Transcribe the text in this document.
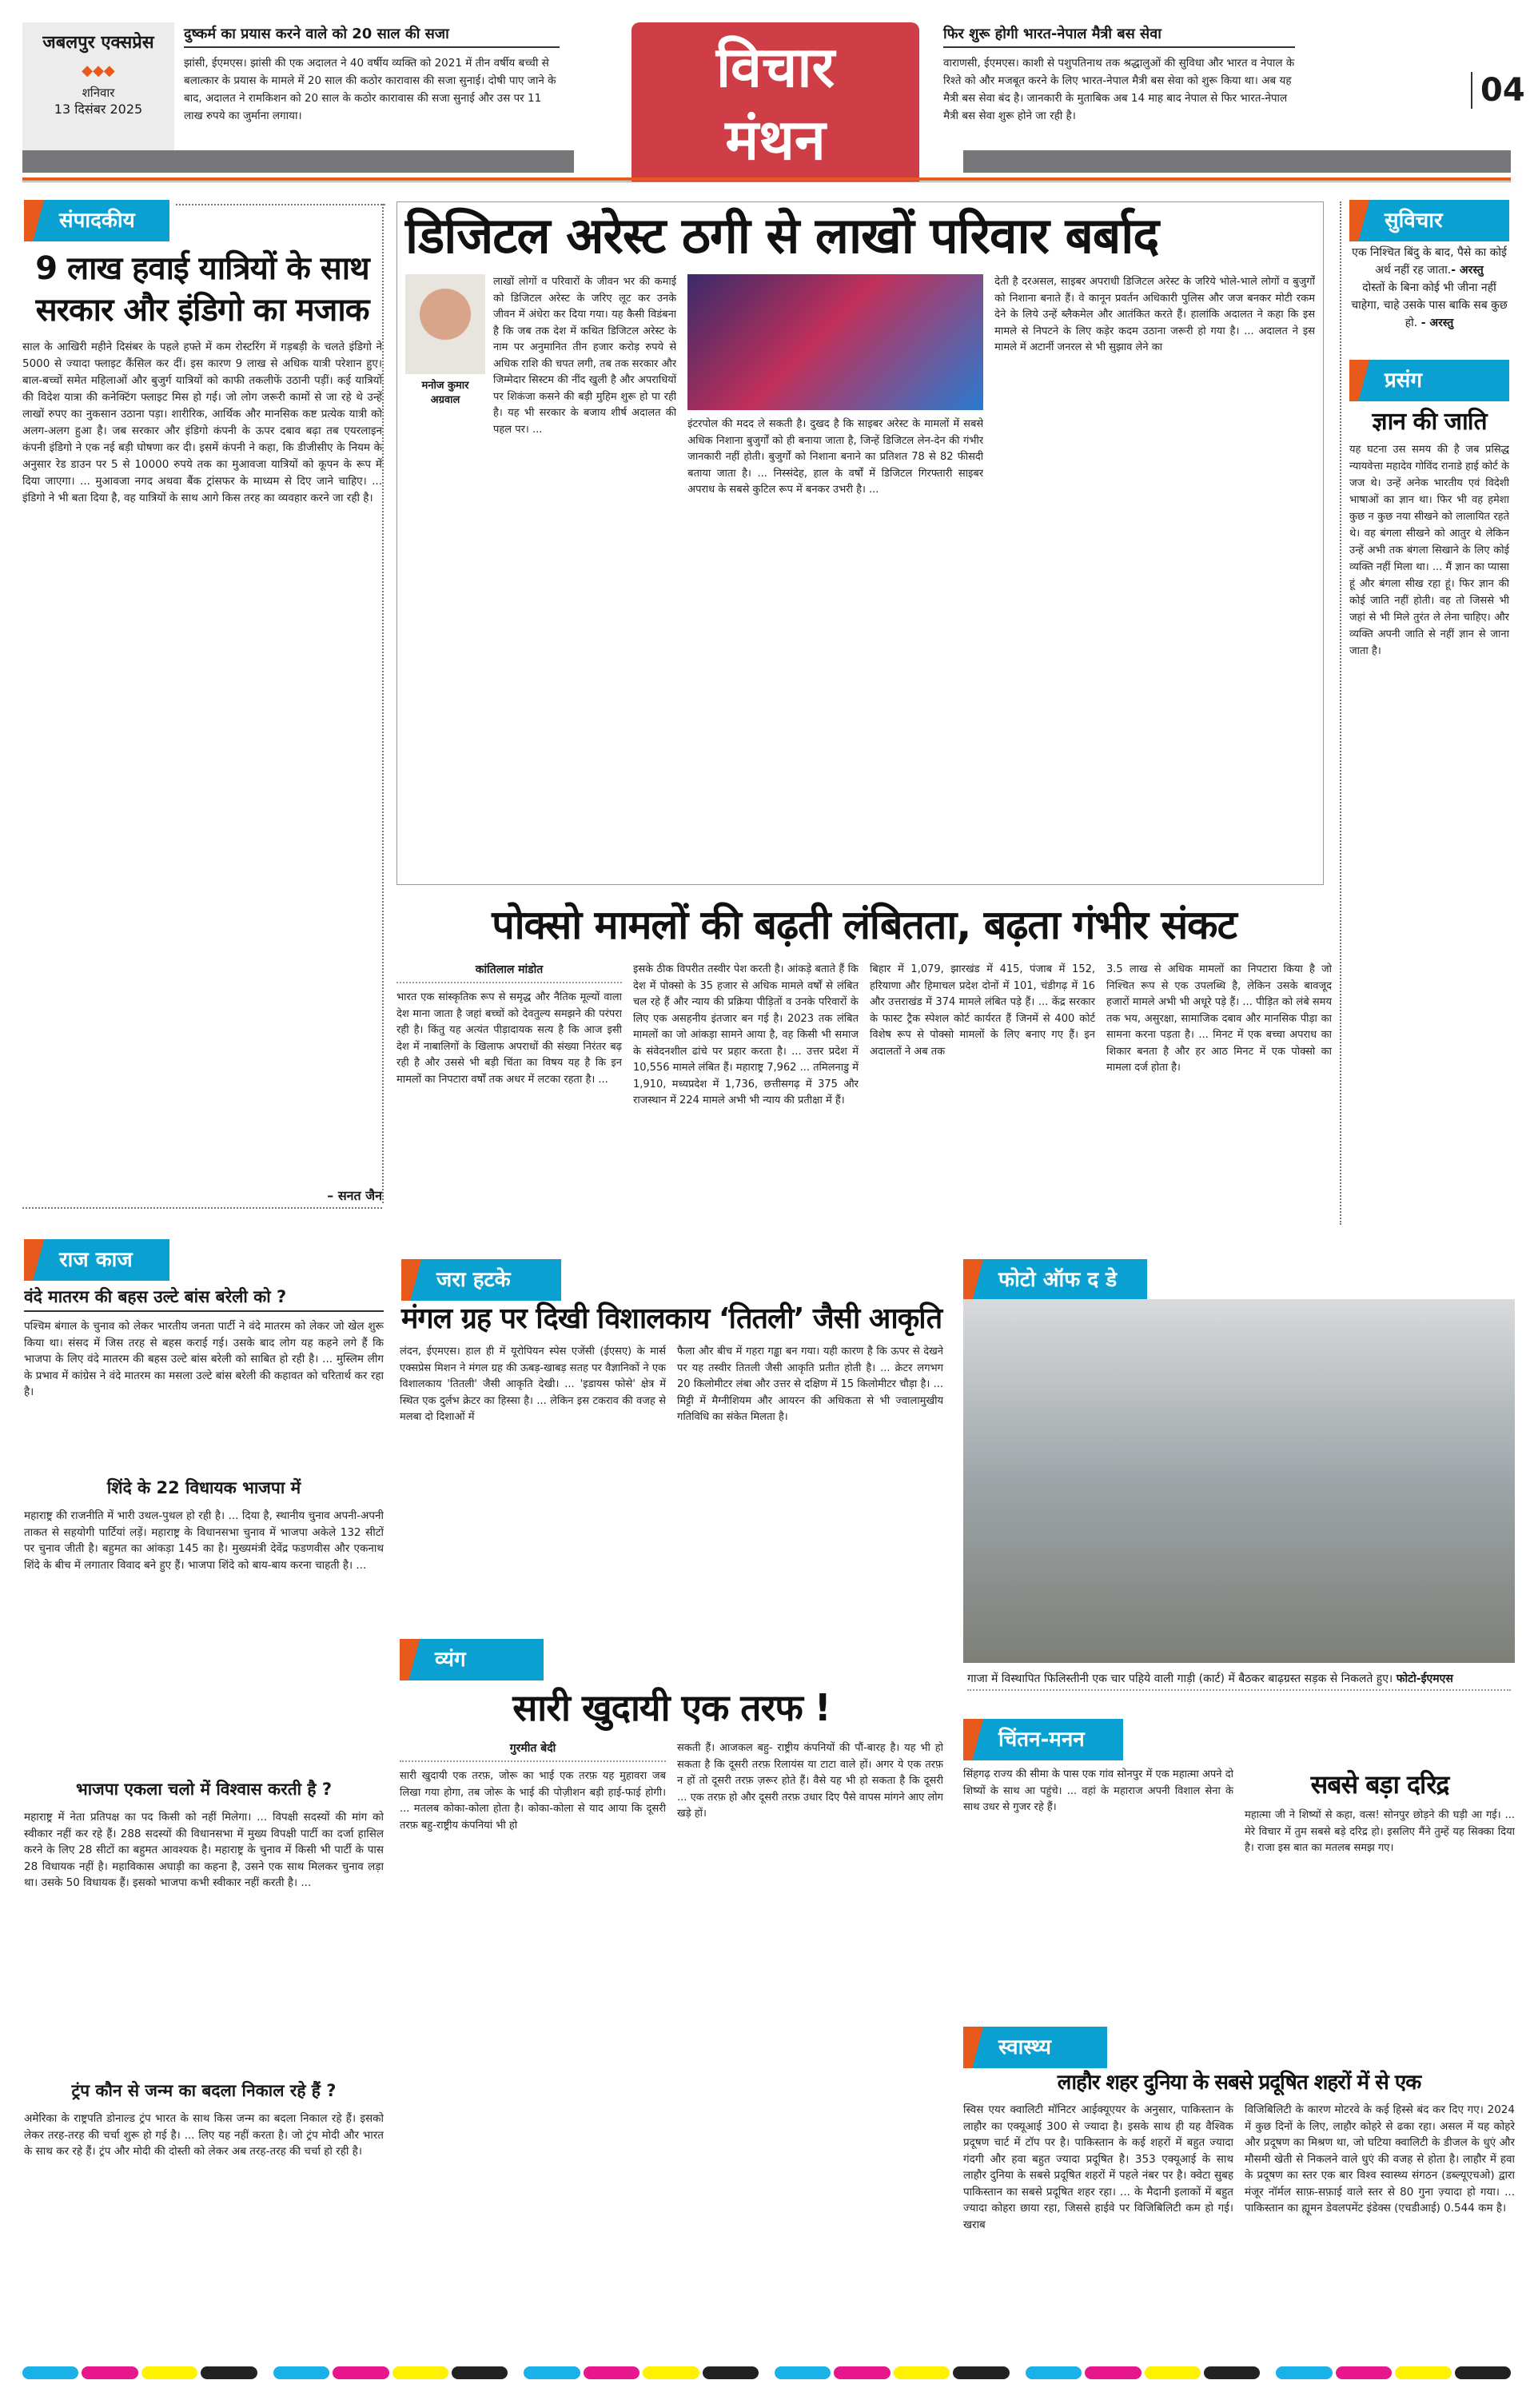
जबलपुर एक्सप्रेस
◆◆◆
शनिवार
13 दिसंबर 2025
दुष्कर्म का प्रयास करने वाले को 20 साल की सजा

झांसी, ईएमएस। झांसी की एक अदालत ने 40 वर्षीय व्यक्ति को 2021 में तीन वर्षीय बच्ची से बलात्कार के प्रयास के मामले में 20 साल की कठोर कारावास की सजा सुनाई। दोषी पाए जाने के बाद, अदालत ने रामकिशन को 20 साल के कठोर कारावास की सजा सुनाई और उस पर 11 लाख रुपये का जुर्माना लगाया।

विचार
मंथन
फिर शुरू होगी भारत-नेपाल मैत्री बस सेवा

वाराणसी, ईएमएस। काशी से पशुपतिनाथ तक श्रद्धालुओं की सुविधा और भारत व नेपाल के रिश्ते को और मजबूत करने के लिए भारत-नेपाल मैत्री बस सेवा को शुरू किया था। अब यह मैत्री बस सेवा बंद है। जानकारी के मुताबिक अब 14 माह बाद नेपाल से फिर भारत-नेपाल मैत्री बस सेवा शुरू होने जा रही है।

04
संपादकीय
9 लाख हवाई यात्रियों के साथ सरकार और इंडिगो का मजाक
साल के आखिरी महीने दिसंबर के पहले हफ्ते में कम रोस्टरिंग में गड़बड़ी के चलते इंडिगो ने 5000 से ज्यादा फ्लाइट कैंसिल कर दीं। इस कारण 9 लाख से अधिक यात्री परेशान हुए। बाल-बच्चों समेत महिलाओं और बुजुर्ग यात्रियों को काफी तकलीफें उठानी पड़ीं। कई यात्रियों की विदेश यात्रा की कनेक्टिंग फ्लाइट मिस हो गई। जो लोग जरूरी कामों से जा रहे थे उन्हें लाखों रुपए का नुकसान उठाना पड़ा। शारीरिक, आर्थिक और मानसिक कष्ट प्रत्येक यात्री को अलग-अलग हुआ है। जब सरकार और इंडिगो कंपनी के ऊपर दबाव बढ़ा तब एयरलाइन कंपनी इंडिगो ने एक नई बड़ी घोषणा कर दी। इसमें कंपनी ने कहा, कि डीजीसीए के नियम के अनुसार रेड डाउन पर 5 से 10000 रुपये तक का मुआवजा यात्रियों को कूपन के रूप में दिया जाएगा। ... मुआवजा नगद अथवा बैंक ट्रांसफर के माध्यम से दिए जाने चाहिए। ... इंडिगो ने भी बता दिया है, वह यात्रियों के साथ आगे किस तरह का व्यवहार करने जा रही है।
– सनत जैन
डिजिटल अरेस्ट ठगी से लाखों परिवार बर्बाद
मनोज कुमार अग्रवाल
लाखों लोगों व परिवारों के जीवन भर की कमाई को डिजिटल अरेस्ट के जरिए लूट कर उनके जीवन में अंधेरा कर दिया गया। यह कैसी विडंबना है कि जब तक देश में कथित डिजिटल अरेस्ट के नाम पर अनुमानित तीन हजार करोड़ रुपये से अधिक राशि की चपत लगी, तब तक सरकार और जिम्मेदार सिस्टम की नींद खुली है और अपराधियों पर शिकंजा कसने की बड़ी मुहिम शुरू हो पा रही है। यह भी सरकार के बजाय शीर्ष अदालत की पहल पर। ...	इंटरपोल की मदद ले सकती है। दुखद है कि साइबर अरेस्ट के मामलों में सबसे अधिक निशाना बुजुर्गों को ही बनाया जाता है, जिन्हें डिजिटल लेन-देन की गंभीर जानकारी नहीं होती। बुजुर्गों को निशाना बनाने का प्रतिशत 78 से 82 फीसदी बताया जाता है। ... निस्संदेह, हाल के वर्षों में डिजिटल गिरफ्तारी साइबर अपराध के सबसे कुटिल रूप में बनकर उभरी है। ...
देती है दरअसल, साइबर अपराधी डिजिटल अरेस्ट के जरिये भोले-भाले लोगों व बुजुर्गों को निशाना बनाते हैं। वे कानून प्रवर्तन अधिकारी पुलिस और जज बनकर मोटी रकम देने के लिये उन्हें ब्लैकमेल और आतंकित करते हैं। हालांकि अदालत ने कहा कि इस मामले से निपटने के लिए कड़ेर कदम उठाना जरूरी हो गया है। ... अदालत ने इस मामले में अटार्नी जनरल से भी सुझाव लेने का
सुविचार
एक निश्चित बिंदु के बाद, पैसे का कोई अर्थ नहीं रह जाता.- अरस्तु
दोस्तों के बिना कोई भी जीना नहीं चाहेगा, चाहे उसके पास बाकि सब कुछ हो. - अरस्तु
प्रसंग
ज्ञान की जाति
यह घटना उस समय की है जब प्रसिद्ध न्यायवेत्ता महादेव गोविंद रानाडे हाई कोर्ट के जज थे। उन्हें अनेक भारतीय एवं विदेशी भाषाओं का ज्ञान था। फिर भी वह हमेशा कुछ न कुछ नया सीखने को लालायित रहते थे। वह बंगला सीखने को आतुर थे लेकिन उन्हें अभी तक बंगला सिखाने के लिए कोई व्यक्ति नहीं मिला था। ... मैं ज्ञान का प्यासा हूं और बंगला सीख रहा हूं। फिर ज्ञान की कोई जाति नहीं होती। वह तो जिससे भी जहां से भी मिले तुरंत ले लेना चाहिए। और व्यक्ति अपनी जाति से नहीं ज्ञान से जाना जाता है।
पोक्सो मामलों की बढ़ती लंबितता, बढ़ता गंभीर संकट
कांतिलाल मांडोत
भारत एक सांस्कृतिक रूप से समृद्ध और नैतिक मूल्यों वाला देश माना जाता है जहां बच्चों को देवतुल्य समझने की परंपरा रही है। किंतु यह अत्यंत पीड़ादायक सत्य है कि आज इसी देश में नाबालिगों के खिलाफ अपराधों की संख्या निरंतर बढ़ रही है और उससे भी बड़ी चिंता का विषय यह है कि इन मामलों का निपटारा वर्षों तक अधर में लटका रहता है। ...
इसके ठीक विपरीत तस्वीर पेश करती है। आंकड़े बताते हैं कि देश में पोक्सो के 35 हजार से अधिक मामले वर्षों से लंबित चल रहे हैं और न्याय की प्रक्रिया पीड़ितों व उनके परिवारों के लिए एक असहनीय इंतजार बन गई है। 2023 तक लंबित मामलों का जो आंकड़ा सामने आया है, वह किसी भी समाज के संवेदनशील ढांचे पर प्रहार करता है। ... उत्तर प्रदेश में 10,556 मामले लंबित हैं। महाराष्ट्र 7,962 ... तमिलनाडु में 1,910, मध्यप्रदेश में 1,736, छत्तीसगढ़ में 375 और राजस्थान में 224 मामले अभी भी न्याय की प्रतीक्षा में हैं।
बिहार में 1,079, झारखंड में 415, पंजाब में 152, हरियाणा और हिमाचल प्रदेश दोनों में 101, चंडीगढ़ में 16 और उत्तराखंड में 374 मामले लंबित पड़े हैं। ... केंद्र सरकार के फास्ट ट्रैक स्पेशल कोर्ट कार्यरत हैं जिनमें से 400 कोर्ट विशेष रूप से पोक्सो मामलों के लिए बनाए गए हैं। इन अदालतों ने अब तक
3.5 लाख से अधिक मामलों का निपटारा किया है जो निश्चित रूप से एक उपलब्धि है, लेकिन उसके बावजूद हजारों मामले अभी भी अधूरे पड़े हैं। ... पीड़ित को लंबे समय तक भय, असुरक्षा, सामाजिक दबाव और मानसिक पीड़ा का सामना करना पड़ता है। ... मिनट में एक बच्चा अपराध का शिकार बनता है और हर आठ मिनट में एक पोक्सो का मामला दर्ज होता है।
राज काज
वंदे मातरम की बहस उल्टे बांस बरेली को ?
पश्चिम बंगाल के चुनाव को लेकर भारतीय जनता पार्टी ने वंदे मातरम को लेकर जो खेल शुरू किया था। संसद में जिस तरह से बहस कराई गई। उसके बाद लोग यह कहने लगे हैं कि भाजपा के लिए वंदे मातरम की बहस उल्टे बांस बरेली को साबित हो रही है। ... मुस्लिम लीग के प्रभाव में कांग्रेस ने वंदे मातरम का मसला उल्टे बांस बरेली की कहावत को चरितार्थ कर रहा है।
शिंदे के 22 विधायक भाजपा में
महाराष्ट्र की राजनीति में भारी उथल-पुथल हो रही है। ... दिया है, स्थानीय चुनाव अपनी-अपनी ताकत से सहयोगी पार्टियां लड़ें। महाराष्ट्र के विधानसभा चुनाव में भाजपा अकेले 132 सीटों पर चुनाव जीती है। बहुमत का आंकड़ा 145 का है। मुख्यमंत्री देवेंद्र फडणवीस और एकनाथ शिंदे के बीच में लगातार विवाद बने हुए हैं। भाजपा शिंदे को बाय-बाय करना चाहती है। ...
भाजपा एकला चलो में विश्वास करती है ?
महाराष्ट्र में नेता प्रतिपक्ष का पद किसी को नहीं मिलेगा। ... विपक्षी सदस्यों की मांग को स्वीकार नहीं कर रहे हैं। 288 सदस्यों की विधानसभा में मुख्य विपक्षी पार्टी का दर्जा हासिल करने के लिए 28 सीटों का बहुमत आवश्यक है। महाराष्ट्र के चुनाव में किसी भी पार्टी के पास 28 विधायक नहीं है। महाविकास अघाड़ी का कहना है, उसने एक साथ मिलकर चुनाव लड़ा था। उसके 50 विधायक हैं। इसको भाजपा कभी स्वीकार नहीं करती है। ...
ट्रंप कौन से जन्म का बदला निकाल रहे हैं ?
अमेरिका के राष्ट्रपति डोनाल्ड ट्रंप भारत के साथ किस जन्म का बदला निकाल रहे हैं। इसको लेकर तरह-तरह की चर्चा शुरू हो गई है। ... लिए यह नहीं करता है। जो ट्रंप मोदी और भारत के साथ कर रहे हैं। ट्रंप और मोदी की दोस्ती को लेकर अब तरह-तरह की चर्चा हो रही है।
जरा हटके
मंगल ग्रह पर दिखी विशालकाय ‘तितली’ जैसी आकृति
लंदन, ईएमएस। हाल ही में यूरोपियन स्पेस एजेंसी (ईएसए) के मार्स एक्सप्रेस मिशन ने मंगल ग्रह की ऊबड़-खाबड़ सतह पर वैज्ञानिकों ने एक विशालकाय 'तितली' जैसी आकृति देखी। ... 'इडायस फोसे' क्षेत्र में स्थित एक दुर्लभ क्रेटर का हिस्सा है। ... लेकिन इस टकराव की वजह से मलबा दो दिशाओं में
फैला और बीच में गहरा गड्ढा बन गया। यही कारण है कि ऊपर से देखने पर यह तस्वीर तितली जैसी आकृति प्रतीत होती है। ... क्रेटर लगभग 20 किलोमीटर लंबा और उत्तर से दक्षिण में 15 किलोमीटर चौड़ा है। ... मिट्टी में मैग्नीशियम और आयरन की अधिकता से भी ज्वालामुखीय गतिविधि का संकेत मिलता है।
व्यंग
सारी खुदायी एक तरफ !
गुरमीत बेदी
सारी खुदायी एक तरफ़, जोरू का भाई एक तरफ़ यह मुहावरा जब लिखा गया होगा, तब जोरू के भाई की पोज़ीशन बड़ी हाई-फाई होगी। ... मतलब कोका-कोला होता है। कोका-कोला से याद आया कि दूसरी तरफ़ बहु-राष्ट्रीय कंपनियां भी हो
सकती हैं। आजकल बहु- राष्ट्रीय कंपनियों की पौं-बारह है। यह भी हो सकता है कि दूसरी तरफ़ रिलायंस या टाटा वाले हों। अगर ये एक तरफ़ न हों तो दूसरी तरफ़ ज़रूर होते हैं। वैसे यह भी हो सकता है कि दूसरी ... एक तरफ़ हो और दूसरी तरफ़ उधार दिए पैसे वापस मांगने आए लोग खड़े हों।
फोटो ऑफ द डे
गाजा में विस्थापित फिलिस्तीनी एक चार पहिये वाली गाड़ी (कार्ट) में बैठकर बाढ़ग्रस्त सड़क से निकलते हुए। फोटो-ईएमएस
चिंतन-मनन
सिंहगढ़ राज्य की सीमा के पास एक गांव सोनपुर में एक महात्मा अपने दो शिष्यों के साथ आ पहुंचे। ... वहां के महाराज अपनी विशाल सेना के साथ उधर से गुजर रहे हैं।
सबसे बड़ा दरिद्र
महात्मा जी ने शिष्यों से कहा, वत्स! सोनपुर छोड़ने की घड़ी आ गई। ... मेरे विचार में तुम सबसे बड़े दरिद्र हो। इसलिए मैंने तुम्हें यह सिक्का दिया है। राजा इस बात का मतलब समझ गए।
स्वास्थ्य
लाहौर शहर दुनिया के सबसे प्रदूषित शहरों में से एक
स्विस एयर क्वालिटी मॉनिटर आईक्यूएयर के अनुसार, पाकिस्तान के लाहौर का एक्यूआई 300 से ज्यादा है। इसके साथ ही यह वैश्विक प्रदूषण चार्ट में टॉप पर है। पाकिस्तान के कई शहरों में बहुत ज्यादा गंदगी और हवा बहुत ज्यादा प्रदूषित है। 353 एक्यूआई के साथ लाहौर दुनिया के सबसे प्रदूषित शहरों में पहले नंबर पर है। क्वेटा सुबह पाकिस्तान का सबसे प्रदूषित शहर रहा। ... के मैदानी इलाकों में बहुत ज्यादा कोहरा छाया रहा, जिससे हाईवे पर विजिबिलिटी कम हो गई। खराब
विजिबिलिटी के कारण मोटरवे के कई हिस्से बंद कर दिए गए। 2024 में कुछ दिनों के लिए, लाहौर कोहरे से ढका रहा। असल में यह कोहरे और प्रदूषण का मिश्रण था, जो घटिया क्वालिटी के डीजल के धुएं और मौसमी खेती से निकलने वाले धुएं की वजह से होता है। लाहौर में हवा के प्रदूषण का स्तर एक बार विश्व स्वास्थ्य संगठन (डब्ल्यूएचओ) द्वारा मंजूर नॉर्मल साफ़-सफ़ाई वाले स्तर से 80 गुना ज़्यादा हो गया। ... पाकिस्तान का ह्यूमन डेवलपमेंट इंडेक्स (एचडीआई) 0.544 कम है।
